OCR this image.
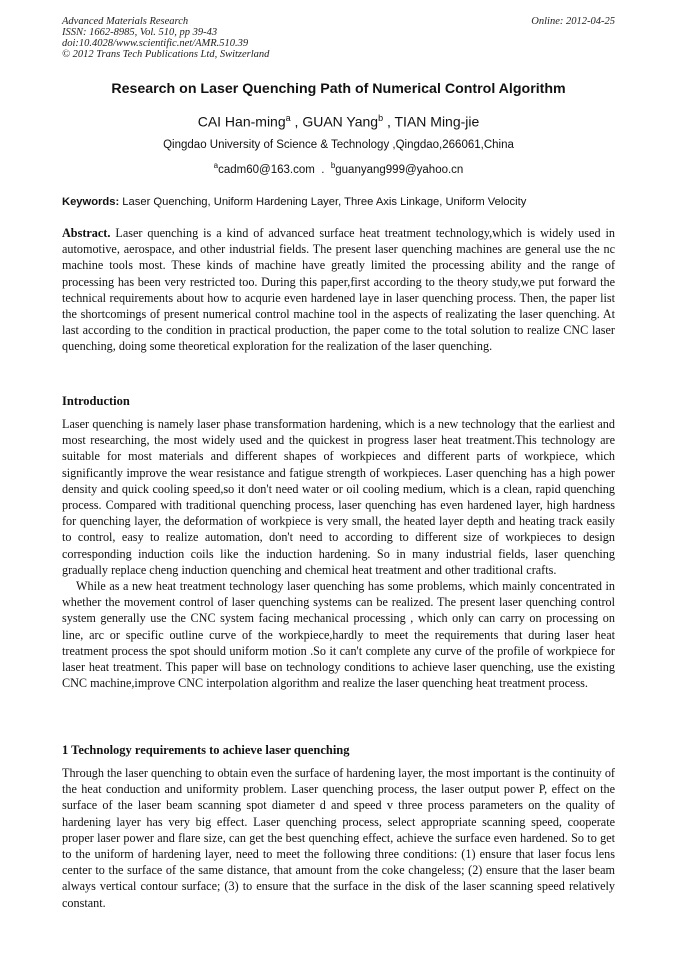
Advanced Materials Research
ISSN: 1662-8985, Vol. 510, pp 39-43
doi:10.4028/www.scientific.net/AMR.510.39
© 2012 Trans Tech Publications Ltd, Switzerland
Online: 2012-04-25
Research on Laser Quenching Path of Numerical Control Algorithm
CAI Han-ming$^a$ , GUAN Yang$^b$ , TIAN Ming-jie
Qingdao University of Science & Technology ,Qingdao,266061,China
$^a$cadm60@163.com  .  $^b$guanyang999@yahoo.cn
Keywords: Laser Quenching, Uniform Hardening Layer, Three Axis Linkage, Uniform Velocity

Abstract. Laser quenching is a kind of advanced surface heat treatment technology,which is widely used in automotive, aerospace, and other industrial fields. The present laser quenching machines are general use the nc machine tools most. These kinds of machine have greatly limited the processing ability and the range of processing has been very restricted too. During this paper,first according to the theory study,we put forward the technical requirements about how to acqurie even hardened laye in laser quenching process. Then, the paper list the shortcomings of present numerical control machine tool in the aspects of realizating the laser quenching. At last according to the condition in practical production, the paper come to the total solution to realize CNC laser quenching, doing some theoretical exploration for the realization of the laser quenching.

Introduction

Laser quenching is namely laser phase transformation hardening, which is a new technology that the earliest and most researching, the most widely used and the quickest in progress laser heat treatment.This technology are suitable for most materials and different shapes of workpieces and different parts of workpiece, which significantly improve the wear resistance and fatigue strength of workpieces. Laser quenching has a high power density and quick cooling speed,so it don't need water or oil cooling medium, which is a clean, rapid quenching process. Compared with traditional quenching process, laser quenching has even hardened layer, high hardness for quenching layer, the deformation of workpiece is very small, the heated layer depth and heating track easily to control, easy to realize automation, don't need to according to different size of workpieces to design corresponding induction coils like the induction hardening. So in many industrial fields, laser quenching gradually replace cheng induction quenching and chemical heat treatment and other traditional crafts.

While as a new heat treatment technology laser quenching has some problems, which mainly concentrated in whether the movement control of laser quenching systems can be realized. The present laser quenching control system generally use the CNC system facing mechanical processing , which only can carry on processing on line, arc or specific outline curve of the workpiece,hardly to meet the requirements that during laser heat treatment process the spot should uniform motion .So it can't complete any curve of the profile of workpiece for laser heat treatment. This paper will base on technology conditions to achieve laser quenching, use the existing CNC machine,improve CNC interpolation algorithm and realize the laser quenching heat treatment process.

1 Technology requirements to achieve laser quenching

Through the laser quenching to obtain even the surface of hardening layer, the most important is the continuity of the heat conduction and uniformity problem. Laser quenching process, the laser output power P, effect on the surface of the laser beam scanning spot diameter d and speed v three process parameters on the quality of hardening layer has very big effect. Laser quenching process, select appropriate scanning speed, cooperate proper laser power and flare size, can get the best quenching effect, achieve the surface even hardened. So to get to the uniform of hardening layer, need to meet the following three conditions: (1) ensure that laser focus lens center to the surface of the same distance, that amount from the coke changeless; (2) ensure that the laser beam always vertical contour surface; (3) to ensure that the surface in the disk of the laser scanning speed relatively constant.
